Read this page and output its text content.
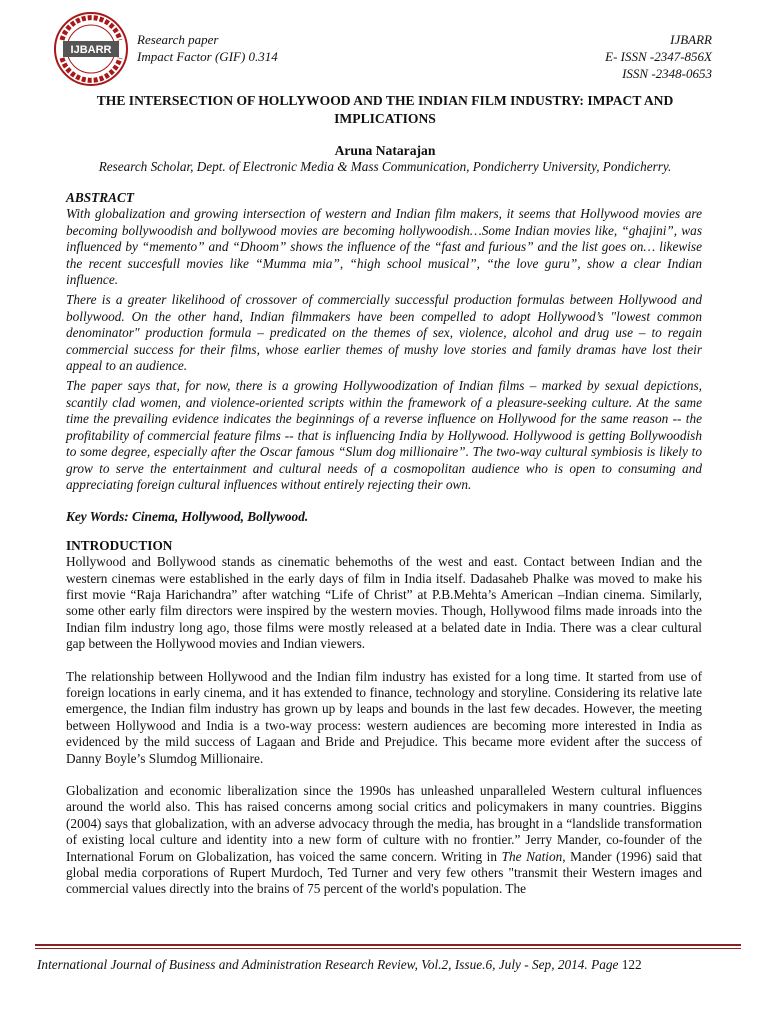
IJBARR
Research paper
Impact Factor (GIF) 0.314
IJBARR
E- ISSN -2347-856X
ISSN -2348-0653
THE INTERSECTION OF HOLLYWOOD AND THE INDIAN FILM INDUSTRY: IMPACT AND
IMPLICATIONS
Aruna Natarajan
Research Scholar, Dept. of Electronic Media & Mass Communication, Pondicherry University, Pondicherry.

ABSTRACT

With globalization and growing intersection of western and Indian film makers, it seems that Hollywood movies are becoming bollywoodish and bollywood movies are becoming hollywoodish…Some Indian movies like, “ghajini”, was influenced by “memento” and “Dhoom” shows the influence of the “fast and furious” and the list goes on… likewise the recent succesfull movies like “Mumma mia”, “high school musical”, “the love guru”, show a clear Indian influence.

There is a greater likelihood of crossover of commercially successful production formulas between Hollywood and bollywood. On the other hand, Indian filmmakers have been compelled to adopt Hollywood’s "lowest common denominator" production formula – predicated on the themes of sex, violence, alcohol and drug use – to regain commercial success for their films, whose earlier themes of mushy love stories and family dramas have lost their appeal to an audience.

The paper says that, for now, there is a growing Hollywoodization of Indian films – marked by sexual depictions, scantily clad women, and violence-oriented scripts within the framework of a pleasure-seeking culture. At the same time the prevailing evidence indicates the beginnings of a reverse influence on Hollywood for the same reason -- the profitability of commercial feature films -- that is influencing India by Hollywood. Hollywood is getting Bollywoodish to some degree, especially after the Oscar famous “Slum dog millionaire”. The two-way cultural symbiosis is likely to grow to serve the entertainment and cultural needs of a cosmopolitan audience who is open to consuming and appreciating foreign cultural influences without entirely rejecting their own.

Key Words: Cinema, Hollywood, Bollywood.

INTRODUCTION

Hollywood and Bollywood stands as cinematic behemoths of the west and east. Contact between Indian and the western cinemas were established in the early days of film in India itself. Dadasaheb Phalke was moved to make his first movie “Raja Harichandra” after watching “Life of Christ” at P.B.Mehta’s American –Indian cinema. Similarly, some other early film directors were inspired by the western movies. Though, Hollywood films made inroads into the Indian film industry long ago, those films were mostly released at a belated date in India. There was a clear cultural gap between the Hollywood movies and Indian viewers.

The relationship between Hollywood and the Indian film industry has existed for a long time. It started from use of foreign locations in early cinema, and it has extended to finance, technology and storyline. Considering its relative late emergence, the Indian film industry has grown up by leaps and bounds in the last few decades. However, the meeting between Hollywood and India is a two-way process: western audiences are becoming more interested in India as evidenced by the mild success of Lagaan and Bride and Prejudice. This became more evident after the success of Danny Boyle’s Slumdog Millionaire.

Globalization and economic liberalization since the 1990s has unleashed unparalleled Western cultural influences around the world also. This has raised concerns among social critics and policymakers in many countries. Biggins (2004) says that globalization, with an adverse advocacy through the media, has brought in a “landslide transformation of existing local culture and identity into a new form of culture with no frontier.” Jerry Mander, co-founder of the International Forum on Globalization, has voiced the same concern. Writing in The Nation, Mander (1996) said that global media corporations of Rupert Murdoch, Ted Turner and very few others "transmit their Western images and commercial values directly into the brains of 75 percent of the world's population. The

International Journal of Business and Administration Research Review, Vol.2, Issue.6, July - Sep, 2014. Page 122
